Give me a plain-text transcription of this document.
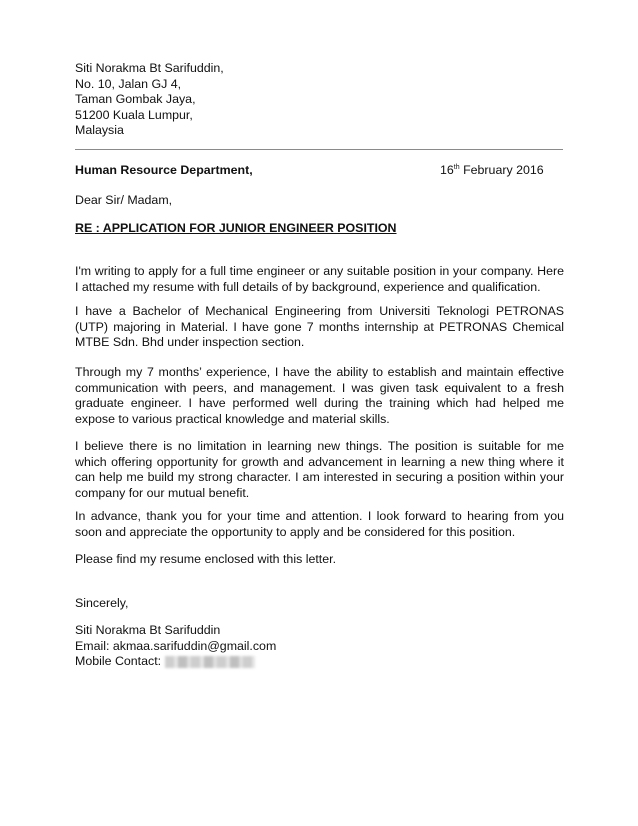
Siti Norakma Bt Sarifuddin,
No. 10, Jalan GJ 4,
Taman Gombak Jaya,
51200 Kuala Lumpur,
Malaysia
Human Resource Department,	16th February 2016
Dear Sir/ Madam,
RE : APPLICATION FOR JUNIOR ENGINEER POSITION

I'm writing to apply for a full time engineer or any suitable position in your company. Here I attached my resume with full details of by background, experience and qualification.

I have a Bachelor of Mechanical Engineering from Universiti Teknologi PETRONAS (UTP) majoring in Material. I have gone 7 months internship at PETRONAS Chemical MTBE Sdn. Bhd under inspection section.

Through my 7 months’ experience, I have the ability to establish and maintain effective communication with peers, and management. I was given task equivalent to a fresh graduate engineer. I have performed well during the training which had helped me expose to various practical knowledge and material skills.

I believe there is no limitation in learning new things. The position is suitable for me which offering opportunity for growth and advancement in learning a new thing where it can help me build my strong character. I am interested in securing a position within your company for our mutual benefit.

In advance, thank you for your time and attention. I look forward to hearing from you soon and appreciate the opportunity to apply and be considered for this position.

Please find my resume enclosed with this letter.

Sincerely,
Siti Norakma Bt Sarifuddin
Email: akmaa.sarifuddin@gmail.com
Mobile Contact:
